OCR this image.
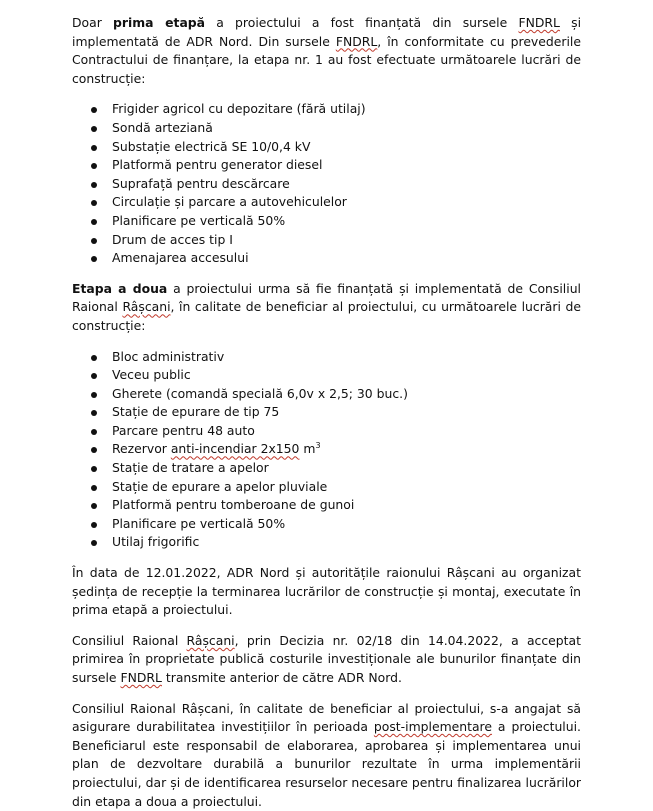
Doar prima etapă a proiectului a fost finanțată din sursele FNDRL și implementată de ADR Nord. Din sursele FNDRL, în conformitate cu prevederile Contractului de finanțare, la etapa nr. 1 au fost efectuate următoarele lucrări de construcție:

Frigider agricol cu depozitare (fără utilaj)
Sondă arteziană
Substație electrică SE 10/0,4 kV
Platformă pentru generator diesel
Suprafață pentru descărcare
Circulație și parcare a autovehiculelor
Planificare pe verticală 50%
Drum de acces tip I
Amenajarea accesului

Etapa a doua a proiectului urma să fie finanțată și implementată de Consiliul Raional Râșcani, în calitate de beneficiar al proiectului, cu următoarele lucrări de construcție:

Bloc administrativ
Veceu public
Gherete (comandă specială 6,0v x 2,5; 30 buc.)
Stație de epurare de tip 75
Parcare pentru 48 auto
Rezervor anti-incendiar 2x150 $m^3$
Stație de tratare a apelor
Stație de epurare a apelor pluviale
Platformă pentru tomberoane de gunoi
Planificare pe verticală 50%
Utilaj frigorific

În data de 12.01.2022, ADR Nord și autoritățile raionului Râșcani au organizat ședința de recepție la terminarea lucrărilor de construcție și montaj, executate în prima etapă a proiectului.

Consiliul Raional Râșcani, prin Decizia nr. 02/18 din 14.04.2022, a acceptat primirea în proprietate publică costurile investiționale ale bunurilor finanțate din sursele FNDRL transmite anterior de către ADR Nord.

Consiliul Raional Râșcani, în calitate de beneficiar al proiectului, s-a angajat să asigurare durabilitatea investițiilor în perioada post-implementare a proiectului. Beneficiarul este responsabil de elaborarea, aprobarea și implementarea unui plan de dezvoltare durabilă a bunurilor rezultate în urma implementării proiectului, dar și de identificarea resurselor necesare pentru finalizarea lucrărilor din etapa a doua a proiectului.
